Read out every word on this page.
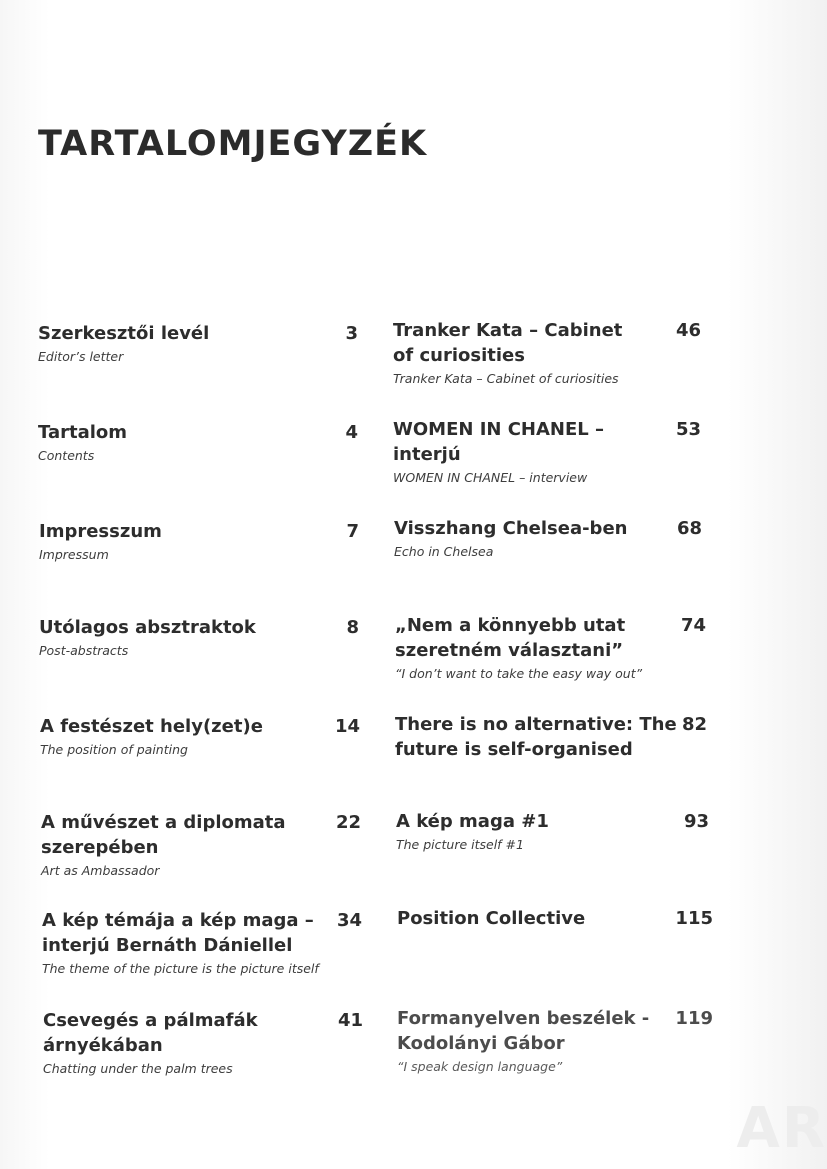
TARTALOMJEGYZÉK
Szerkesztői levél
Editor’s letter
3
Tartalom
Contents
4
Impresszum
Impressum
7
Utólagos absztraktok
Post-abstracts
8
A festészet hely(zet)e
The position of painting
14
A művészet a diplomata szerepében
Art as Ambassador
22
A kép témája a kép maga – interjú Bernáth Dániellel
The theme of the picture is the picture itself
34
Csevegés a pálmafák árnyékában
Chatting under the palm trees
41
Tranker Kata – Cabinet of curiosities
Tranker Kata – Cabinet of curiosities
46
WOMEN IN CHANEL – interjú
WOMEN IN CHANEL – interview
53
Visszhang Chelsea-ben
Echo in Chelsea
68
„Nem a könnyebb utat szeretném választani”
“I don’t want to take the easy way out”
74
There is no alternative: The future is self-organised
82
A kép maga #1
The picture itself #1
93
Position Collective	115
Formanyelven beszélek - Kodolányi Gábor
“I speak design language”
119
AR
